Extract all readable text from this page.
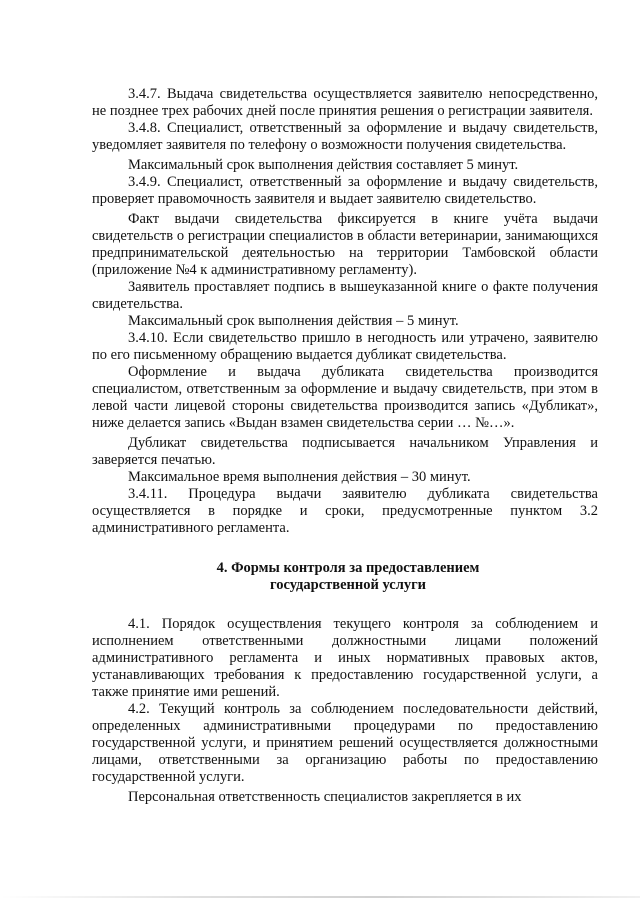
3.4.7. Выдача свидетельства осуществляется заявителю непосредственно, не позднее трех рабочих дней после принятия решения о регистрации заявителя.

3.4.8. Специалист, ответственный за оформление и выдачу свидетельств, уведомляет заявителя по телефону о возможности получения свидетельства.

Максимальный срок выполнения действия составляет 5 минут.

3.4.9. Специалист, ответственный за оформление и выдачу свидетельств, проверяет правомочность заявителя и выдает заявителю свидетельство.

Факт выдачи свидетельства фиксируется в книге учёта выдачи свидетельств о регистрации специалистов в области ветеринарии, занимающихся предпринимательской деятельностью на территории Тамбовской области (приложение №4 к административному регламенту).

Заявитель проставляет подпись в вышеуказанной книге о факте получения свидетельства.

Максимальный срок выполнения действия – 5 минут.

3.4.10. Если свидетельство пришло в негодность или утрачено, заявителю по его письменному обращению выдается дубликат свидетельства.

Оформление и выдача дубликата свидетельства производится специалистом, ответственным за оформление и выдачу свидетельств, при этом в левой части лицевой стороны свидетельства производится запись «Дубликат», ниже делается запись «Выдан взамен свидетельства серии … №…».

Дубликат свидетельства подписывается начальником Управления и заверяется печатью.

Максимальное время выполнения действия – 30 минут.

3.4.11. Процедура выдачи заявителю дубликата свидетельства осуществляется в порядке и сроки, предусмотренные пунктом 3.2 административного регламента.

4. Формы контроля за предоставлением
государственной услуги

4.1. Порядок осуществления текущего контроля за соблюдением и исполнением ответственными должностными лицами положений административного регламента и иных нормативных правовых актов, устанавливающих требования к предоставлению государственной услуги, а также принятие ими решений.

4.2. Текущий контроль за соблюдением последовательности действий, определенных административными процедурами по предоставлению государственной услуги, и принятием решений осуществляется должностными лицами, ответственными за организацию работы по предоставлению государственной услуги.

Персональная ответственность специалистов закрепляется в их
